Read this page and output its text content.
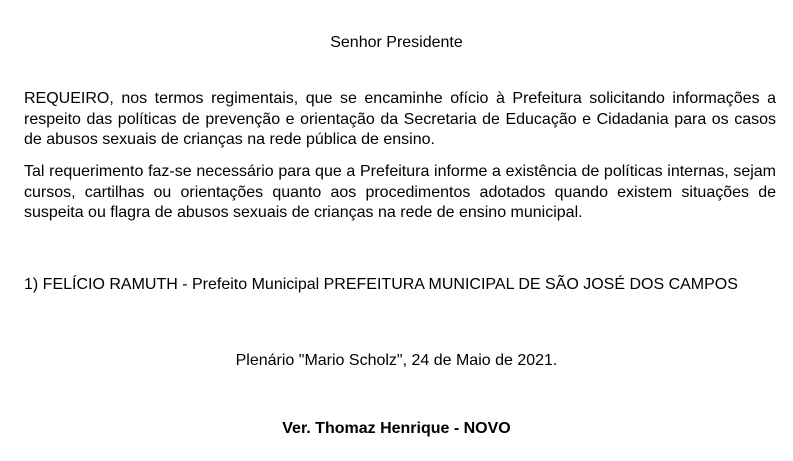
Senhor Presidente

REQUEIRO, nos termos regimentais, que se encaminhe ofício à Prefeitura solicitando informações a respeito das políticas de prevenção e orientação da Secretaria de Educação e Cidadania para os casos de abusos sexuais de crianças na rede pública de ensino.

Tal requerimento faz-se necessário para que a Prefeitura informe a existência de políticas internas, sejam cursos, cartilhas ou orientações quanto aos procedimentos adotados quando existem situações de suspeita ou flagra de abusos sexuais de crianças na rede de ensino municipal.

1) FELÍCIO RAMUTH - Prefeito Municipal PREFEITURA MUNICIPAL DE SÃO JOSÉ DOS CAMPOS

Plenário "Mario Scholz", 24 de Maio de 2021.

Ver. Thomaz Henrique - NOVO
